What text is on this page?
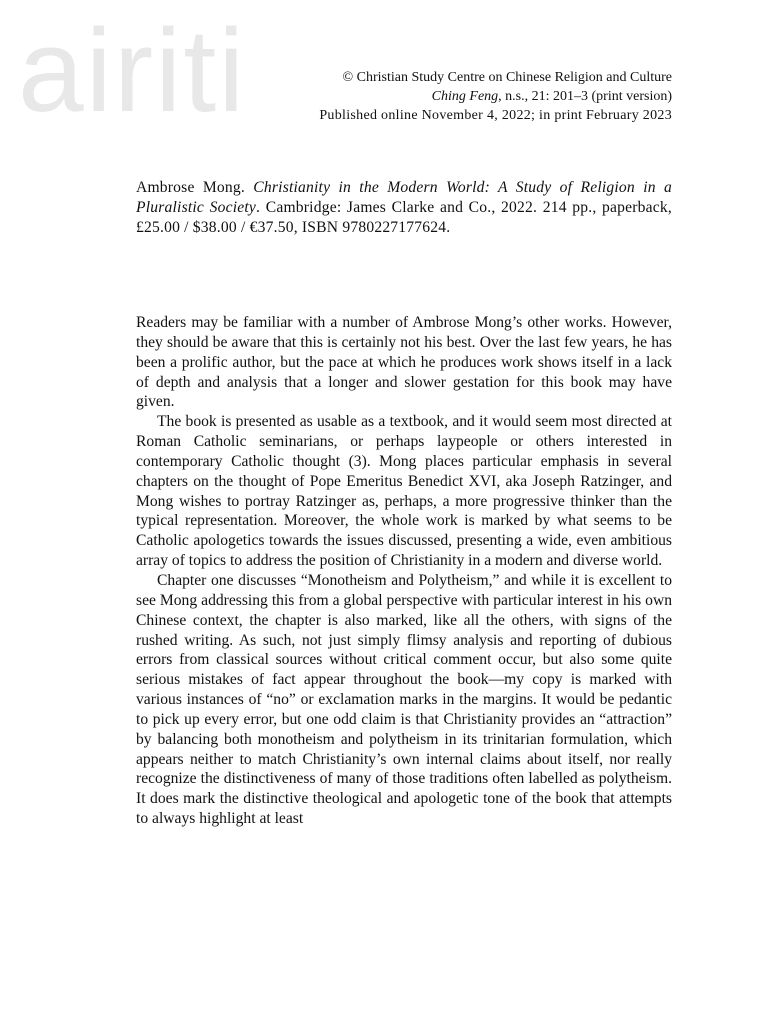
airiti	© Christian Study Centre on Chinese Religion and Culture
Ching Feng, n.s., 21: 201–3 (print version)
Published online November 4, 2022; in print February 2023
Ambrose Mong. Christianity in the Modern World: A Study of Religion in a Pluralistic Society. Cambridge: James Clarke and Co., 2022. 214 pp., paperback, £25.00 / $38.00 / €37.50, ISBN 9780227177624.

Readers may be familiar with a number of Ambrose Mong’s other works. However, they should be aware that this is certainly not his best. Over the last few years, he has been a prolific author, but the pace at which he produces work shows itself in a lack of depth and analysis that a longer and slower gestation for this book may have given.

The book is presented as usable as a textbook, and it would seem most directed at Roman Catholic seminarians, or perhaps laypeople or others interested in contemporary Catholic thought (3). Mong places particular emphasis in several chapters on the thought of Pope Emeritus Benedict XVI, aka Joseph Ratzinger, and Mong wishes to portray Ratzinger as, perhaps, a more progressive thinker than the typical representation. Moreover, the whole work is marked by what seems to be Catholic apologetics towards the issues discussed, presenting a wide, even ambitious array of topics to address the position of Christianity in a modern and diverse world.

Chapter one discusses “Monotheism and Polytheism,” and while it is excellent to see Mong addressing this from a global perspective with particular interest in his own Chinese context, the chapter is also marked, like all the others, with signs of the rushed writing. As such, not just simply flimsy analysis and reporting of dubious errors from classical sources without critical comment occur, but also some quite serious mistakes of fact appear throughout the book—my copy is marked with various instances of “no” or exclamation marks in the margins. It would be pedantic to pick up every error, but one odd claim is that Christianity provides an “attraction” by balancing both monotheism and polytheism in its trinitarian formulation, which appears neither to match Christianity’s own internal claims about itself, nor really recognize the distinctiveness of many of those traditions often labelled as polytheism. It does mark the distinctive theological and apologetic tone of the book that attempts to always highlight at least
